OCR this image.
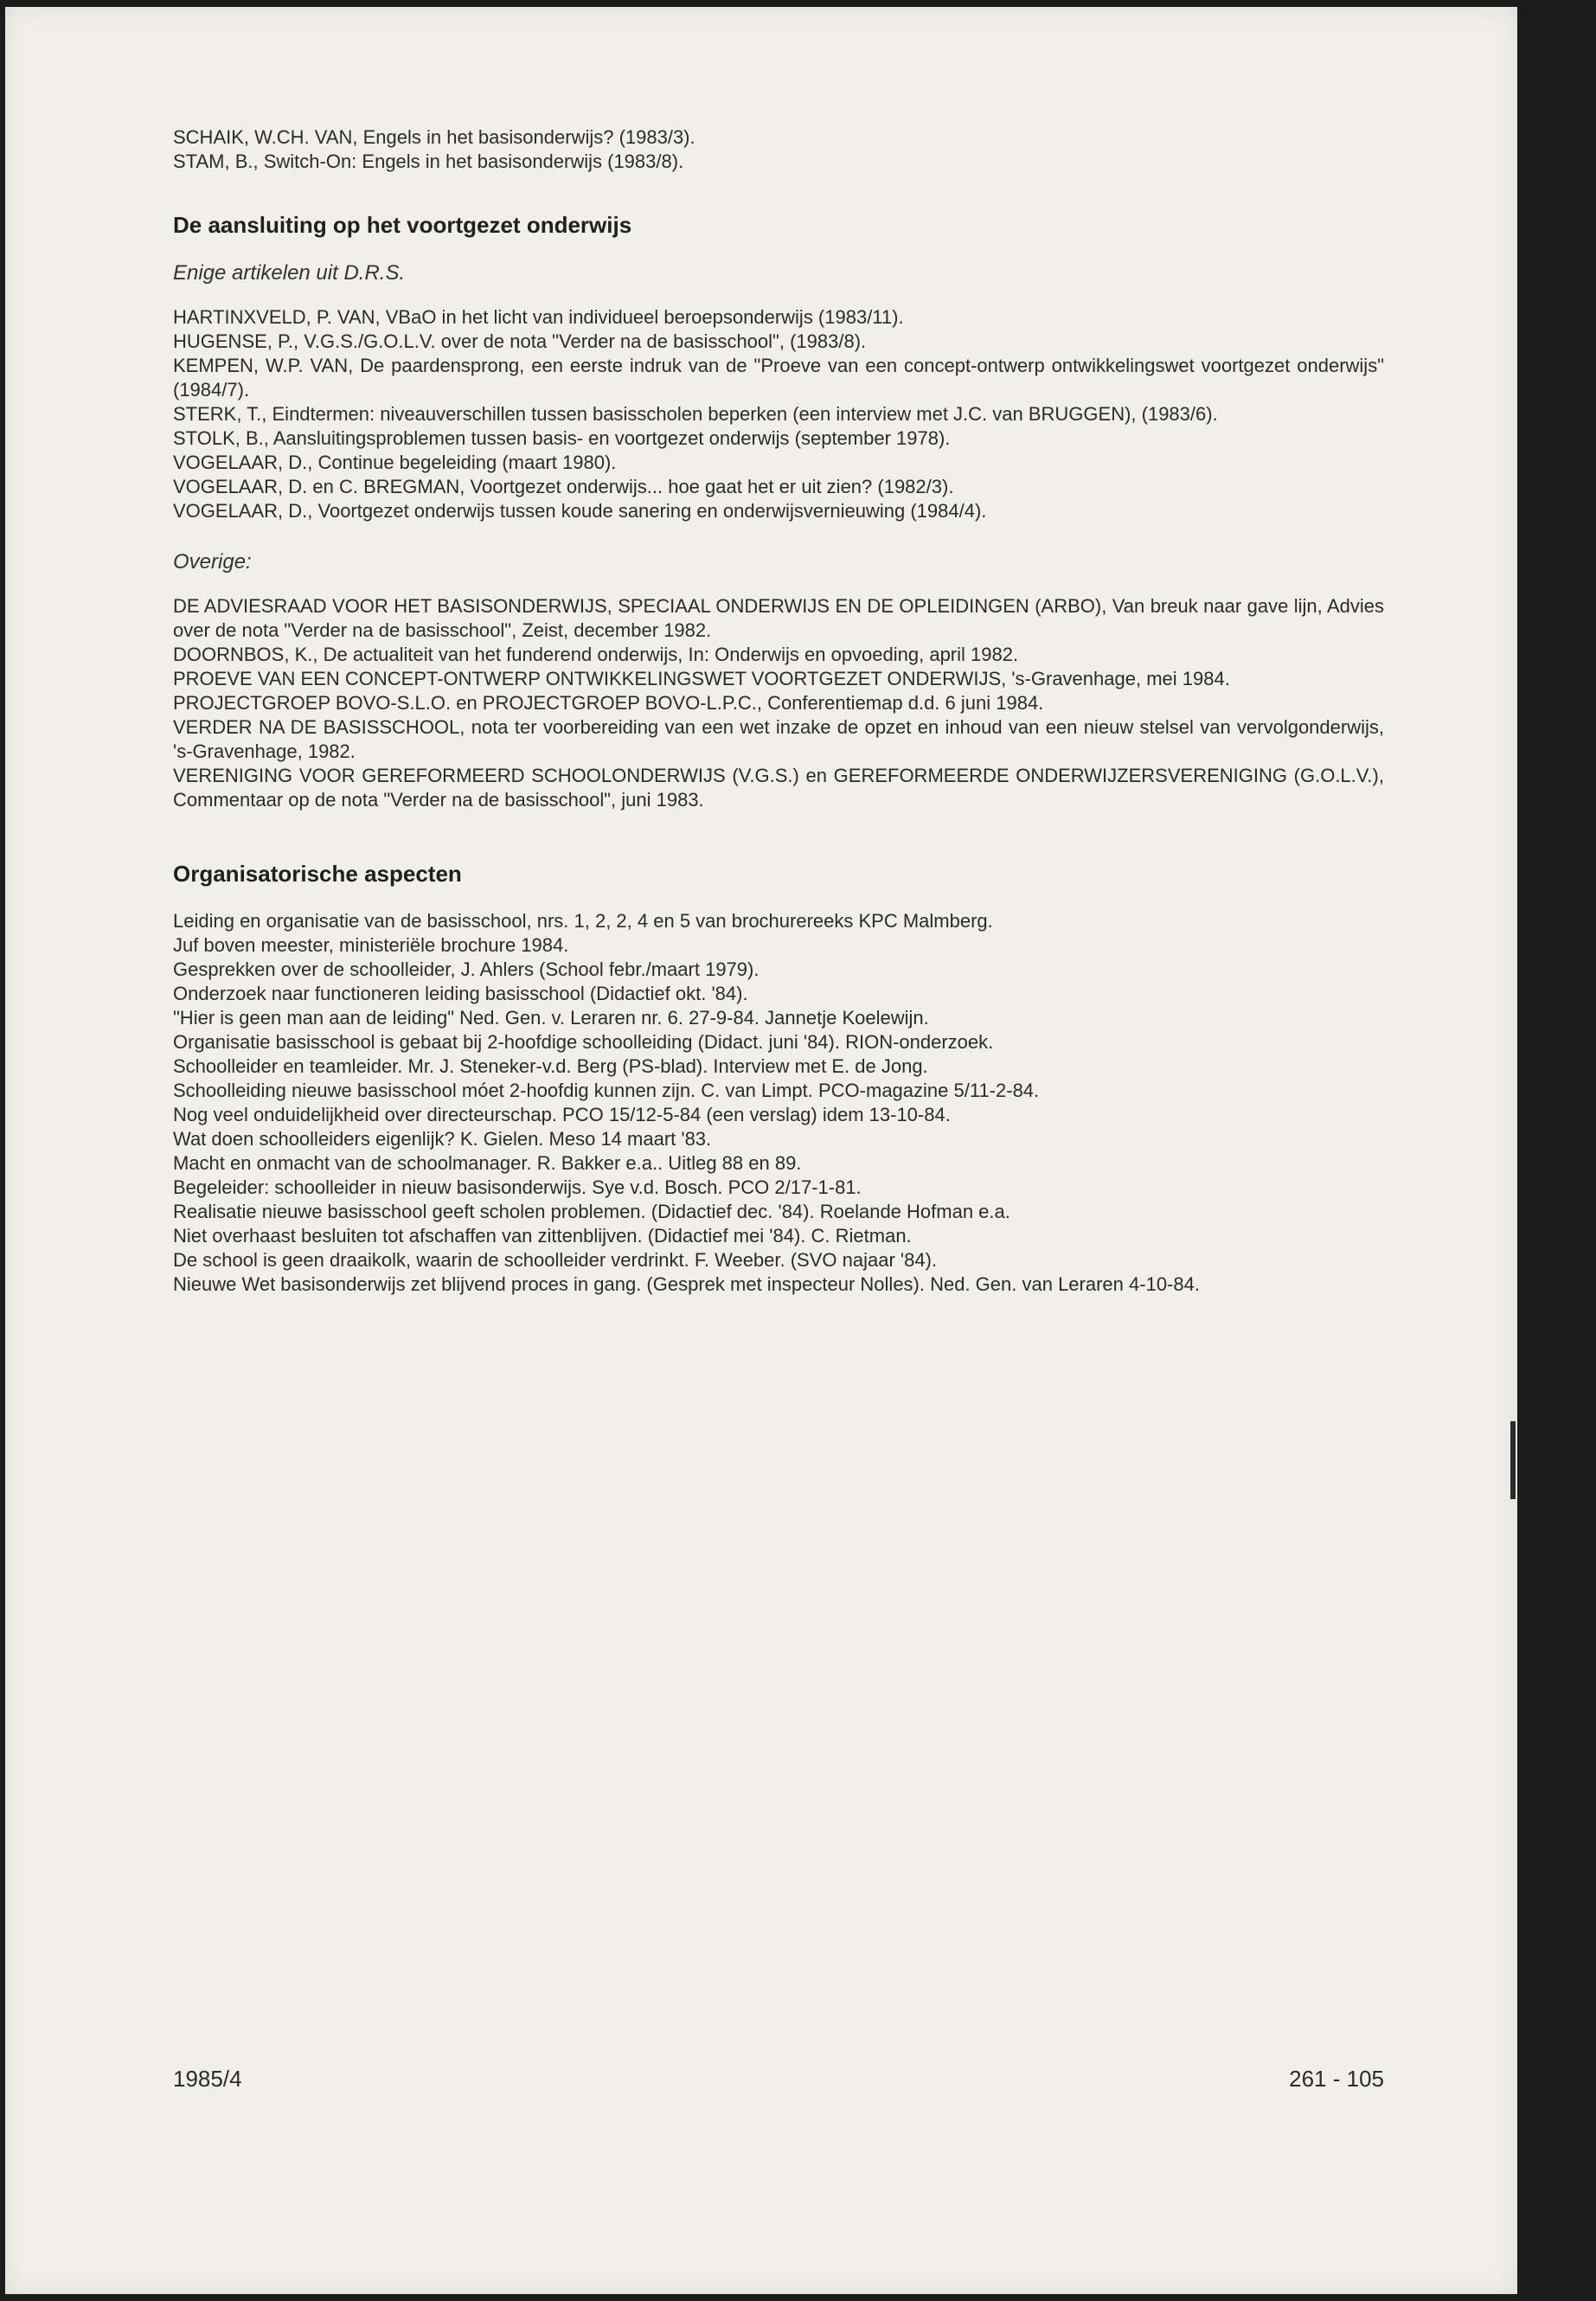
SCHAIK, W.CH. VAN, Engels in het basisonderwijs? (1983/3).

STAM, B., Switch-On: Engels in het basisonderwijs (1983/8).

De aansluiting op het voortgezet onderwijs
Enige artikelen uit D.R.S.

HARTINXVELD, P. VAN, VBaO in het licht van individueel beroepsonderwijs (1983/11).

HUGENSE, P., V.G.S./G.O.L.V. over de nota "Verder na de basisschool", (1983/8).

KEMPEN, W.P. VAN, De paardensprong, een eerste indruk van de "Proeve van een concept-ontwerp ontwikkelingswet voortgezet onderwijs" (1984/7).

STERK, T., Eindtermen: niveauverschillen tussen basisscholen beperken (een interview met J.C. van BRUGGEN), (1983/6).

STOLK, B., Aansluitingsproblemen tussen basis- en voortgezet onderwijs (september 1978).

VOGELAAR, D., Continue begeleiding (maart 1980).

VOGELAAR, D. en C. BREGMAN, Voortgezet onderwijs... hoe gaat het er uit zien? (1982/3).

VOGELAAR, D., Voortgezet onderwijs tussen koude sanering en onderwijsvernieuwing (1984/4).

Overige:

DE ADVIESRAAD VOOR HET BASISONDERWIJS, SPECIAAL ONDERWIJS EN DE OPLEIDINGEN (ARBO), Van breuk naar gave lijn, Advies over de nota "Verder na de basisschool", Zeist, december 1982.

DOORNBOS, K., De actualiteit van het funderend onderwijs, In: Onderwijs en opvoeding, april 1982.

PROEVE VAN EEN CONCEPT-ONTWERP ONTWIKKELINGSWET VOORTGEZET ONDERWIJS, 's-Gravenhage, mei 1984.

PROJECTGROEP BOVO-S.L.O. en PROJECTGROEP BOVO-L.P.C., Conferentiemap d.d. 6 juni 1984.

VERDER NA DE BASISSCHOOL, nota ter voorbereiding van een wet inzake de opzet en inhoud van een nieuw stelsel van vervolgonderwijs, 's-Gravenhage, 1982.

VERENIGING VOOR GEREFORMEERD SCHOOLONDERWIJS (V.G.S.) en GEREFORMEERDE ONDERWIJZERSVERENIGING (G.O.L.V.), Commentaar op de nota "Verder na de basisschool", juni 1983.

Organisatorische aspecten

Leiding en organisatie van de basisschool, nrs. 1, 2, 2, 4 en 5 van brochurereeks KPC Malmberg.

Juf boven meester, ministeriële brochure 1984.

Gesprekken over de schoolleider, J. Ahlers (School febr./maart 1979).

Onderzoek naar functioneren leiding basisschool (Didactief okt. '84).

"Hier is geen man aan de leiding" Ned. Gen. v. Leraren nr. 6. 27-9-84. Jannetje Koelewijn.

Organisatie basisschool is gebaat bij 2-hoofdige schoolleiding (Didact. juni '84). RION-onderzoek.

Schoolleider en teamleider. Mr. J. Steneker-v.d. Berg (PS-blad). Interview met E. de Jong.

Schoolleiding nieuwe basisschool móet 2-hoofdig kunnen zijn. C. van Limpt. PCO-magazine 5/11-2-84.

Nog veel onduidelijkheid over directeurschap. PCO 15/12-5-84 (een verslag) idem 13-10-84.

Wat doen schoolleiders eigenlijk? K. Gielen. Meso 14 maart '83.

Macht en onmacht van de schoolmanager. R. Bakker e.a.. Uitleg 88 en 89.

Begeleider: schoolleider in nieuw basisonderwijs. Sye v.d. Bosch. PCO 2/17-1-81.

Realisatie nieuwe basisschool geeft scholen problemen. (Didactief dec. '84). Roelande Hofman e.a.

Niet overhaast besluiten tot afschaffen van zittenblijven. (Didactief mei '84). C. Rietman.

De school is geen draaikolk, waarin de schoolleider verdrinkt. F. Weeber. (SVO najaar '84).

Nieuwe Wet basisonderwijs zet blijvend proces in gang. (Gesprek met inspecteur Nolles). Ned. Gen. van Leraren 4-10-84.

1985/4	261 - 105
